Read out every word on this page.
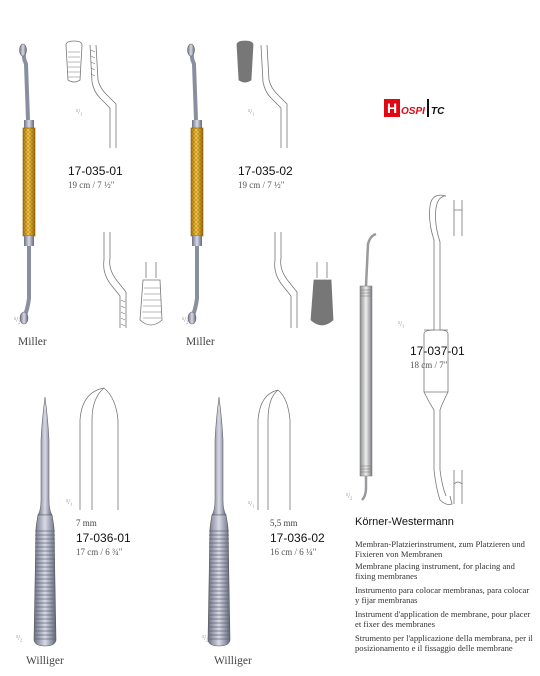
H OSPI TC
17-035-01
19 cm / 7 ½"
¹/₁
¹/₂
Miller
17-035-02
19 cm / 7 ½"
¹/₁
¹/₂
Miller
17-037-01
18 cm / 7"
¹/₁
¹/₂
7 mm
17-036-01
17 cm / 6 ¾"
¹/₁
¹/₂
Williger
5,5 mm
17-036-02
16 cm / 6 ¼"
¹/₁
¹/₂
Williger
Körner-Westermann
Membran-Platzierinstrument, zum Platzieren und Fixieren von Membranen
Membrane placing instrument, for placing and fixing membranes
Instrumento para colocar membranas, para colocar y fijar membranas
Instrument d'application de membrane, pour placer et fixer des membranes
Strumento per l'applicazione della membrana, per il posizionamento e il fissaggio delle membrane
